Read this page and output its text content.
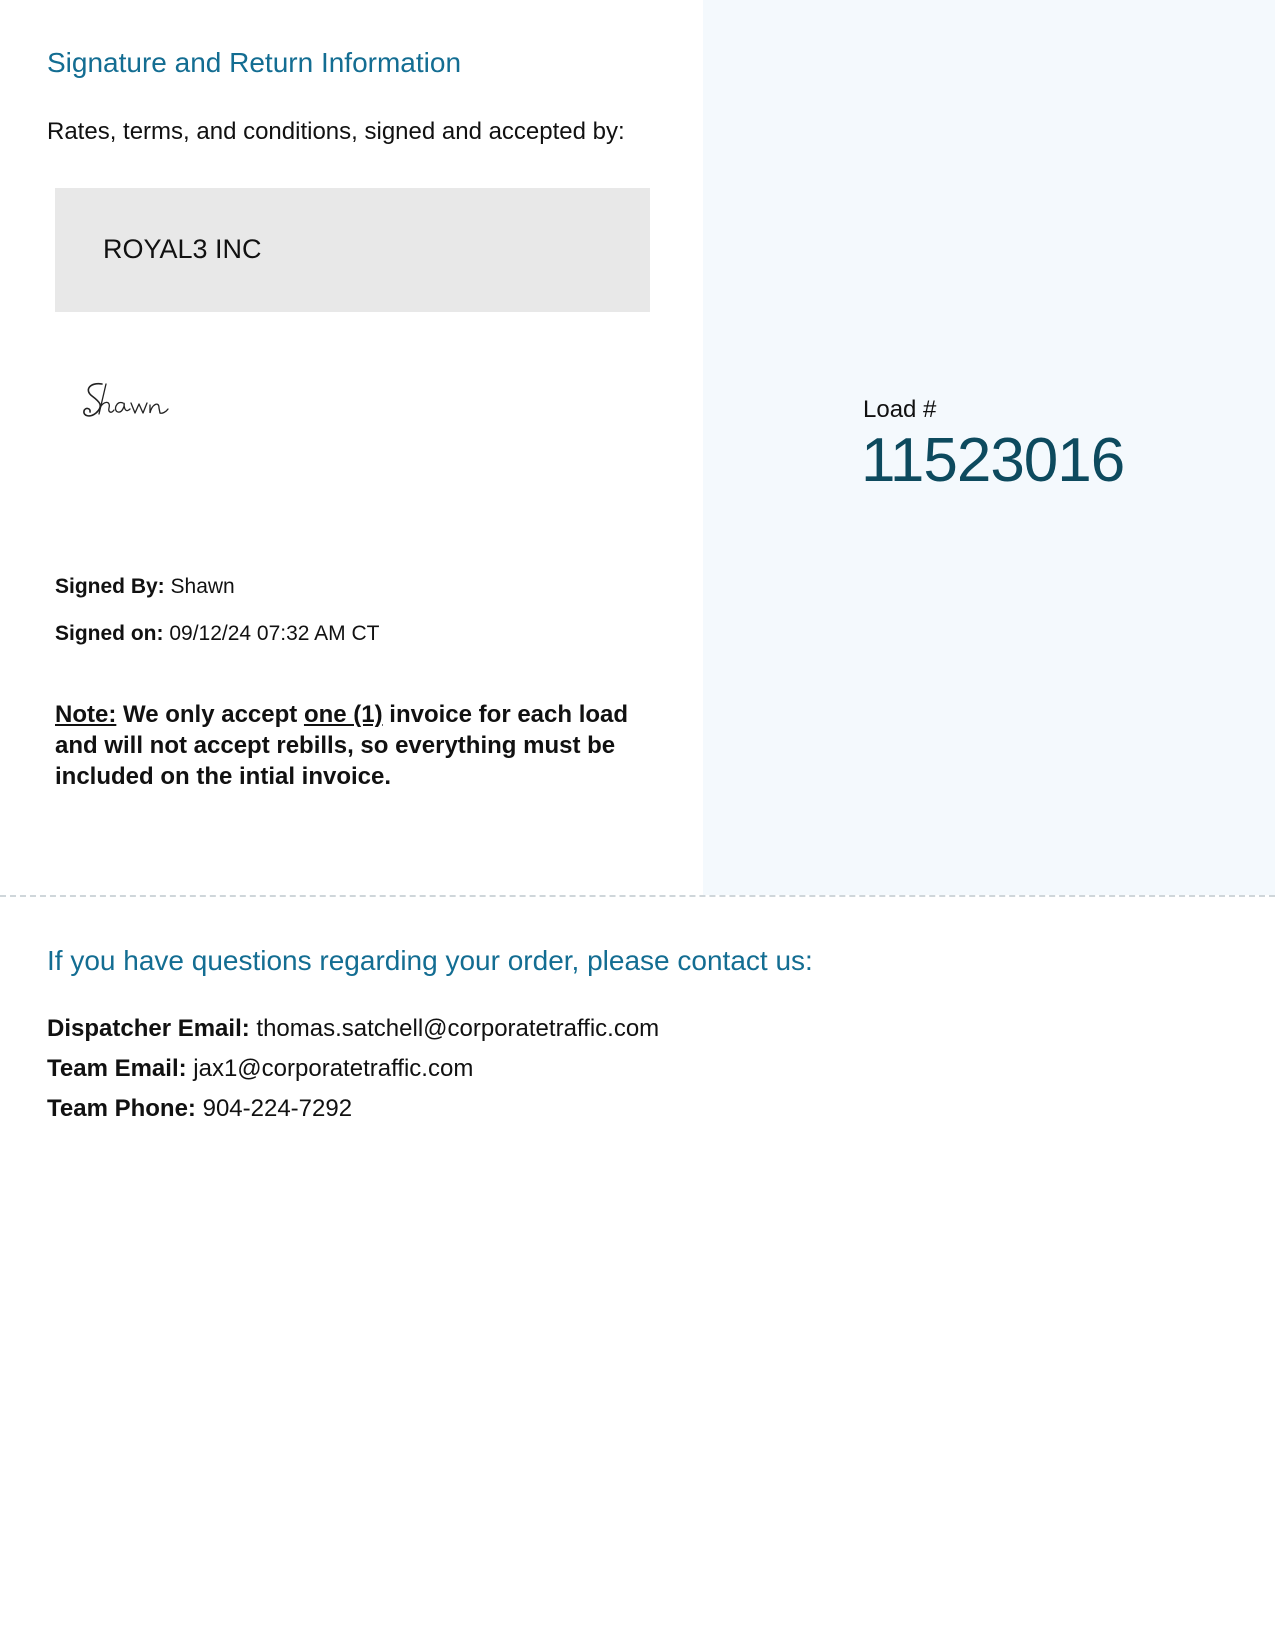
Signature and Return Information
Rates, terms, and conditions, signed and accepted by:
ROYAL3 INC
Signed By: Shawn
Signed on: 09/12/24 07:32 AM CT
Note: We only accept one (1) invoice for each load and will not accept rebills, so everything must be included on the intial invoice.
Load #
11523016
If you have questions regarding your order, please contact us:
Dispatcher Email: thomas.satchell@corporatetraffic.com
Team Email: jax1@corporatetraffic.com
Team Phone: 904-224-7292
